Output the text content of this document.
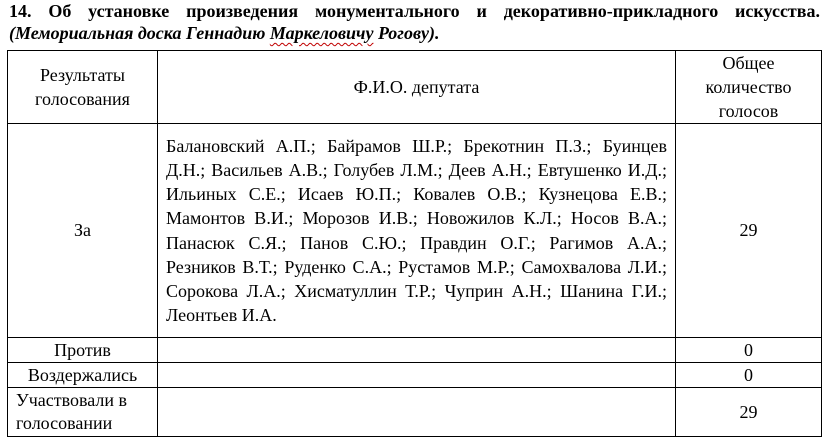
14. Об установке произведения монументального и декоративно-прикладного искусства. (Мемориальная доска Геннадию Маркеловичу Рогову).
Результаты голосования	Ф.И.О. депутата	Общее количество голосов
За	Балановский А.П.; Байрамов Ш.Р.; Брекотнин П.З.; Буинцев Д.Н.; Васильев А.В.; Голубев Л.М.; Деев А.Н.; Евтушенко И.Д.; Ильиных С.Е.; Исаев Ю.П.; Ковалев О.В.; Кузнецова Е.В.; Мамонтов В.И.; Морозов И.В.; Новожилов К.Л.; Носов В.А.; Панасюк С.Я.; Панов С.Ю.; Правдин О.Г.; Рагимов А.А.; Резников В.Т.; Руденко С.А.; Рустамов М.Р.; Самохвалова Л.И.; Сорокова Л.А.; Хисматуллин Т.Р.; Чуприн А.Н.; Шанина Г.И.; Леонтьев И.А.	29
Против		0
Воздержались		0
Участвовали в голосовании		29
